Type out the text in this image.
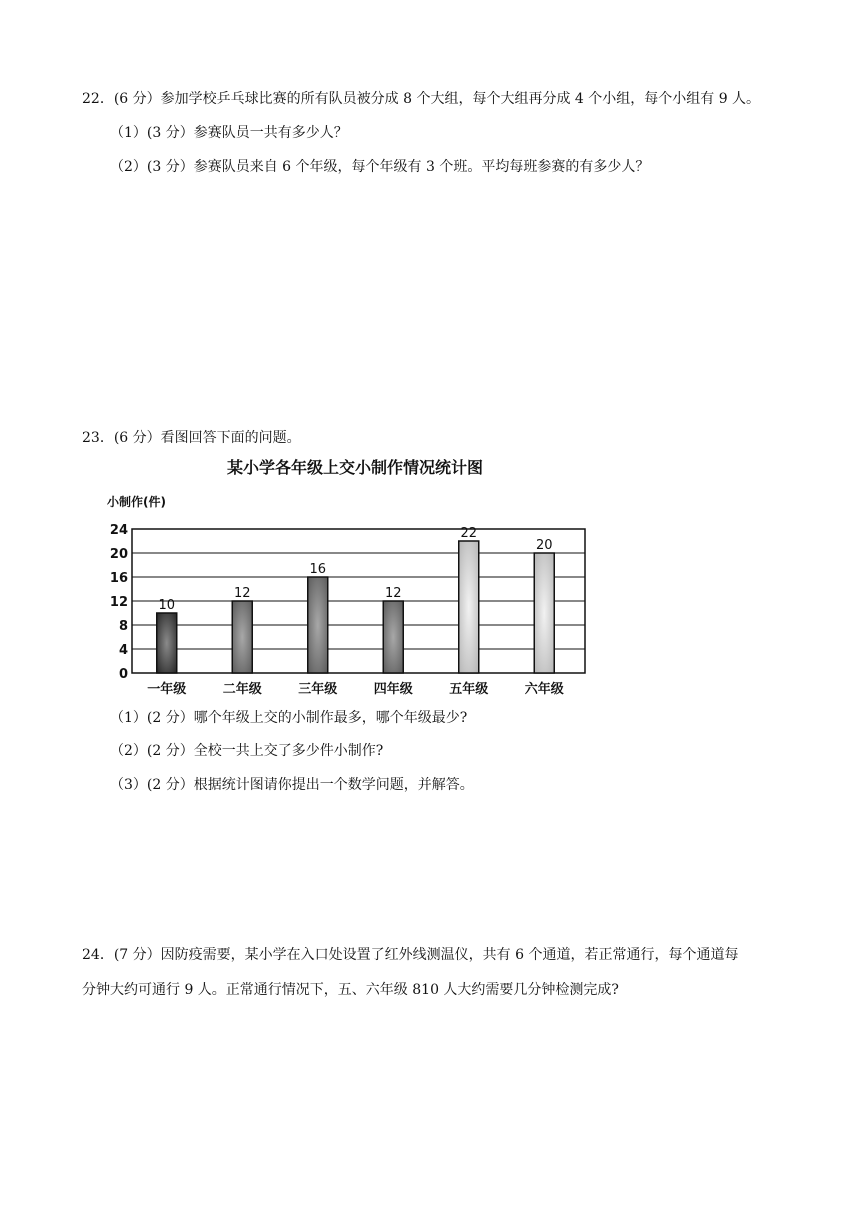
22．(6 分）参加学校乒乓球比赛的所有队员被分成 8 个大组，每个大组再分成 4 个小组，每个小组有 9 人。
（1）(3 分）参赛队员一共有多少人？
（2）(3 分）参赛队员来自 6 个年级，每个年级有 3 个班。平均每班参赛的有多少人？
23．(6 分）看图回答下面的问题。
某小学各年级上交小制作情况统计图
小制作(件)
0
4
8
12
16
20
24
10
一年级
12
二年级
16
三年级
12
四年级
22
五年级
20
六年级
（1）(2 分）哪个年级上交的小制作最多，哪个年级最少?
（2）(2 分）全校一共上交了多少件小制作?
（3）(2 分）根据统计图请你提出一个数学问题，并解答。
24．(7 分）因防疫需要，某小学在入口处设置了红外线测温仪，共有 6 个通道，若正常通行，每个通道每
分钟大约可通行 9 人。正常通行情况下，五、六年级 810 人大约需要几分钟检测完成?
